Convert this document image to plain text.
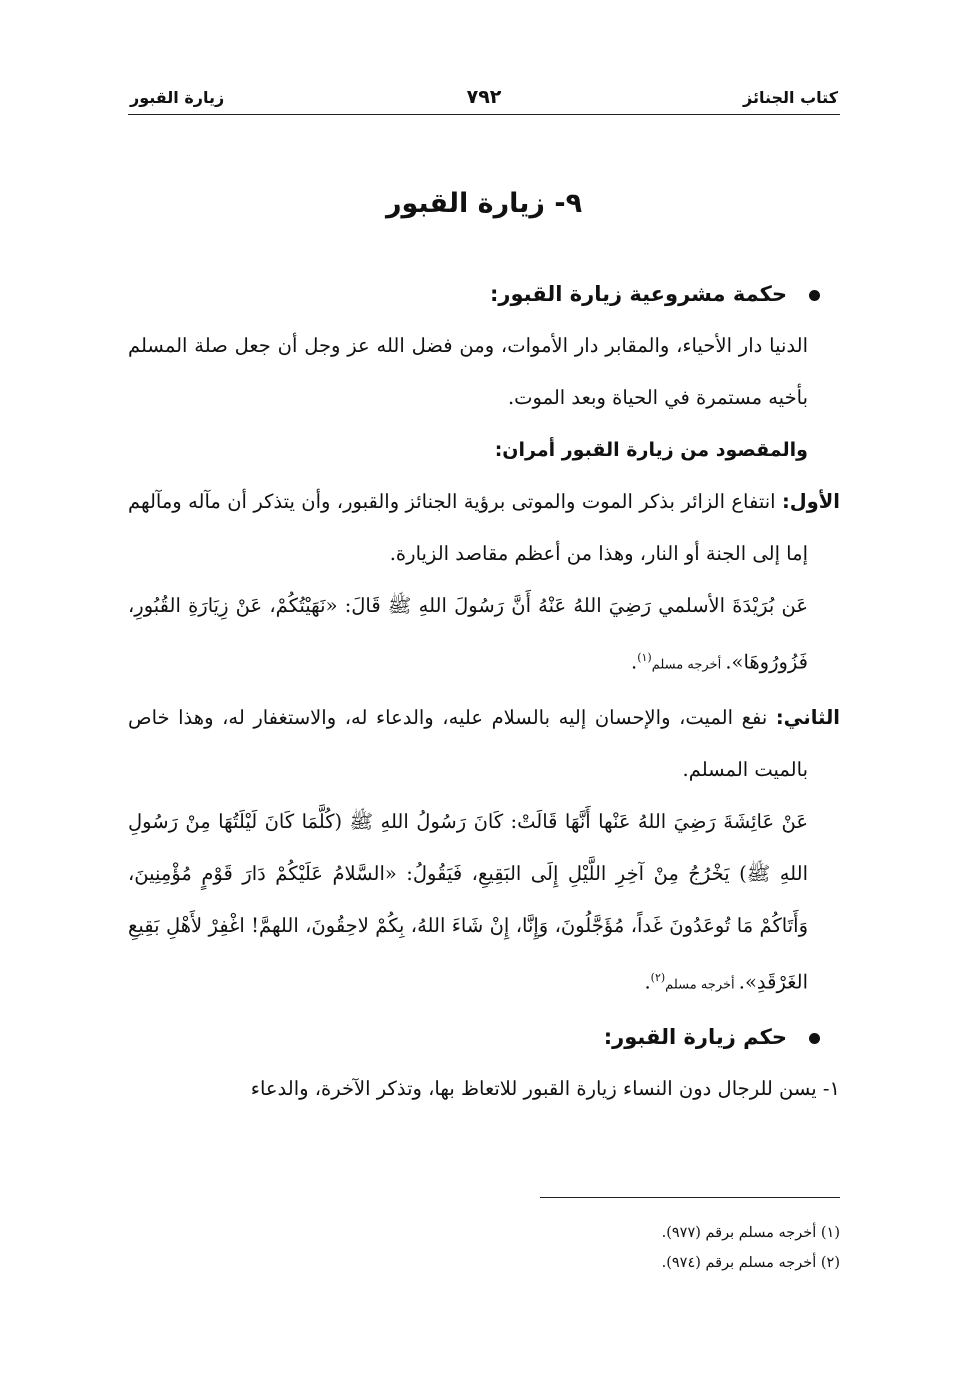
كتاب الجنائز
٧٩٢
زيارة القبور
٩- زيارة القبور

حكمة مشروعية زيارة القبور:

الدنيا دار الأحياء، والمقابر دار الأموات، ومن فضل الله عز وجل أن جعل صلة المسلم بأخيه مستمرة في الحياة وبعد الموت.

والمقصود من زيارة القبور أمران:

الأول: انتفاع الزائر بذكر الموت والموتى برؤية الجنائز والقبور، وأن يتذكر أن مآله ومآلهم إما إلى الجنة أو النار، وهذا من أعظم مقاصد الزيارة.

عَن بُرَيْدَةَ الأسلمي رَضِيَ اللهُ عَنْهُ أَنَّ رَسُولَ اللهِ ﷺ قَالَ: «نَهَيْتُكُمْ، عَنْ زِيَارَةِ القُبُورِ، فَزُورُوهَا». أخرجه مسلم$^{(١)}$.

الثاني: نفع الميت، والإحسان إليه بالسلام عليه، والدعاء له، والاستغفار له، وهذا خاص بالميت المسلم.

عَنْ عَائِشَةَ رَضِيَ اللهُ عَنْها أَنَّهَا قَالَتْ: كَانَ رَسُولُ اللهِ ﷺ (كُلَّمَا كَانَ لَيْلَتُهَا مِنْ رَسُولِ اللهِ ﷺ) يَخْرُجُ مِنْ آخِرِ اللَّيْلِ إِلَى البَقِيعِ، فَيَقُولُ: «السَّلامُ عَلَيْكُمْ دَارَ قَوْمٍ مُؤْمِنِينَ، وَأَتَاكُمْ مَا تُوعَدُونَ غَداً، مُؤَجَّلُونَ، وَإِنَّا، إِنْ شَاءَ اللهُ، بِكُمْ لاحِقُونَ، اللهمَّ! اغْفِرْ لأَهْلِ بَقِيعِ الغَرْقَدِ». أخرجه مسلم$^{(٢)}$.

حكم زيارة القبور:

١- يسن للرجال دون النساء زيارة القبور للاتعاظ بها، وتذكر الآخرة، والدعاء

(١) أخرجه مسلم برقم (٩٧٧).
(٢) أخرجه مسلم برقم (٩٧٤).
